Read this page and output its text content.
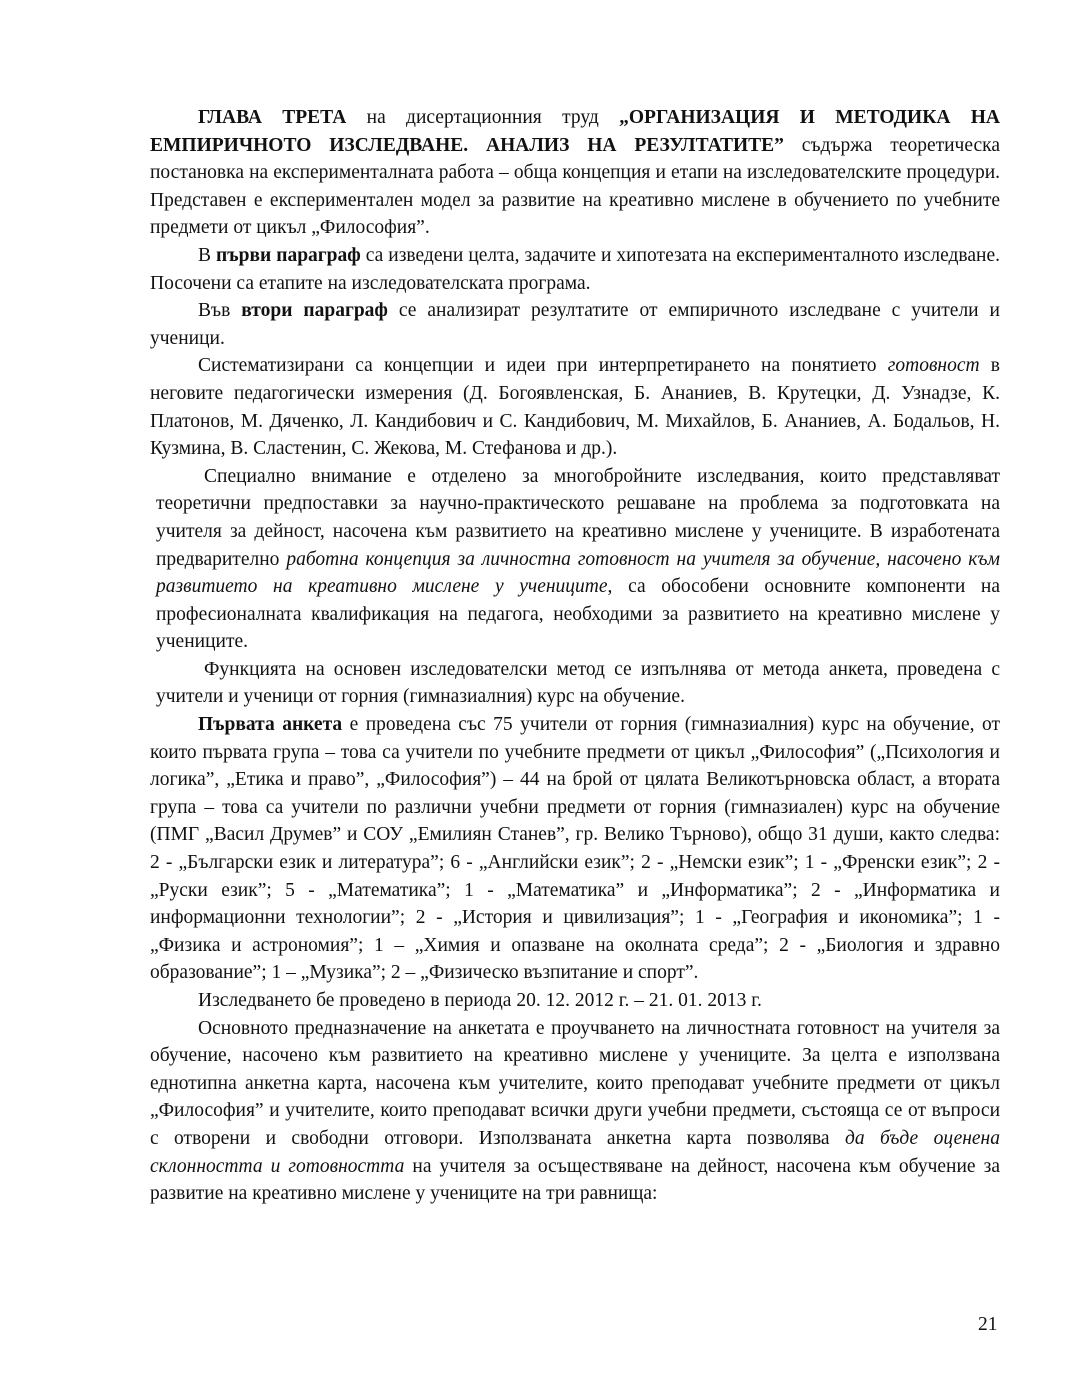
ГЛАВА ТРЕТА на дисертационния труд „ОРГАНИЗАЦИЯ И МЕТОДИКА НА ЕМПИРИЧНОТО ИЗСЛЕДВАНЕ. АНАЛИЗ НА РЕЗУЛТАТИТЕ” съдържа теоретическа постановка на експерименталната работа – обща концепция и етапи на изследователските процедури. Представен е експериментален модел за развитие на креативно мислене в обучението по учебните предмети от цикъл „Философия”.

В първи параграф са изведени целта, задачите и хипотезата на експерименталното изследване. Посочени са етапите на изследователската програма.

Във втори параграф се анализират резултатите от емпиричното изследване с учители и ученици.

Систематизирани са концепции и идеи при интерпретирането на понятието готовност в неговите педагогически измерения (Д. Богоявленская, Б. Ананиев, В. Крутецки, Д. Узнадзе, К. Платонов, М. Дяченко, Л. Кандибович и С. Кандибович, М. Михайлов, Б. Ананиев, А. Бодальов, Н. Кузмина, В. Сластенин, С. Жекова, М. Стефанова и др.).

Специално внимание е отделено за многобройните изследвания, които представляват теоретични предпоставки за научно-практическото решаване на проблема за подготовката на учителя за дейност, насочена към развитието на креативно мислене у учениците. В изработената предварително работна концепция за личностна готовност на учителя за обучение, насочено към развитието на креативно мислене у учениците, са обособени основните компоненти на професионалната квалификация на педагога, необходими за развитието на креативно мислене у учениците.

Функцията на основен изследователски метод се изпълнява от метода анкета, проведена с учители и ученици от горния (гимназиалния) курс на обучение.

Първата анкета е проведена със 75 учители от горния (гимназиалния) курс на обучение, от които първата група – това са учители по учебните предмети от цикъл „Философия” („Психология и логика”, „Етика и право”, „Философия”) – 44 на брой от цялата Великотърновска област, а втората група – това са учители по различни учебни предмети от горния (гимназиален) курс на обучение (ПМГ „Васил Друмев” и СОУ „Емилиян Станев”, гр. Велико Търново), общо 31 души, както следва: 2 - „Български език и литература”; 6 - „Английски език”; 2 - „Немски език”; 1 - „Френски език”; 2 - „Руски език”; 5 - „Математика”; 1 - „Математика” и „Информатика”; 2 - „Информатика и информационни технологии”; 2 - „История и цивилизация”; 1 - „География и икономика”; 1 - „Физика и астрономия”; 1 – „Химия и опазване на околната среда”; 2 - „Биология и здравно образование”; 1 – „Музика”; 2 – „Физическо възпитание и спорт”.

Изследването бе проведено в периода 20. 12. 2012 г. – 21. 01. 2013 г.

Основното предназначение на анкетата е проучването на личностната готовност на учителя за обучение, насочено към развитието на креативно мислене у учениците. За целта е използвана еднотипна анкетна карта, насочена към учителите, които преподават учебните предмети от цикъл „Философия” и учителите, които преподават всички други учебни предмети, състояща се от въпроси с отворени и свободни отговори. Използваната анкетна карта позволява да бъде оценена склонността и готовността на учителя за осъществяване на дейност, насочена към обучение за развитие на креативно мислене у учениците на три равнища:

21
